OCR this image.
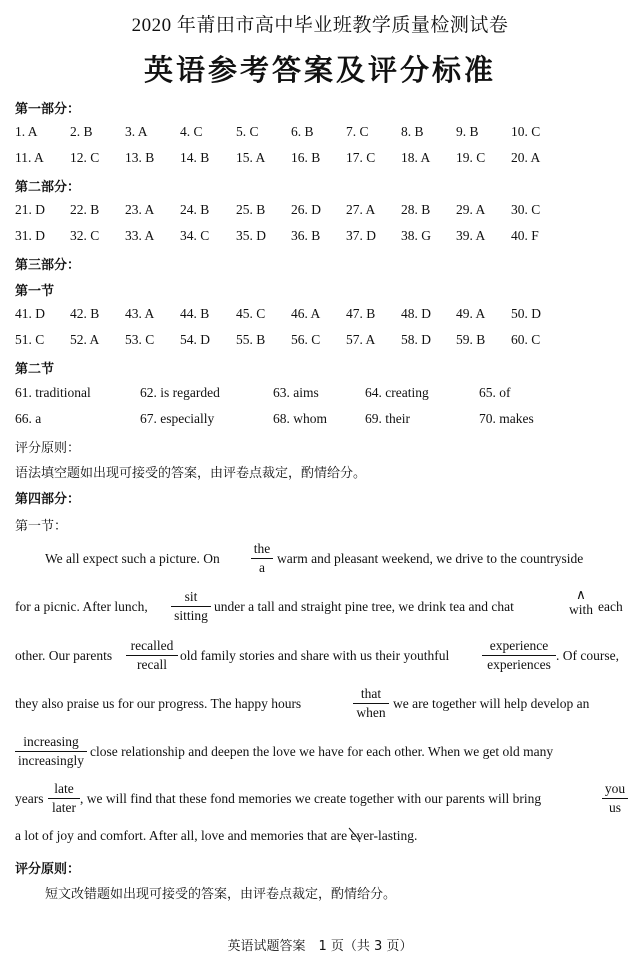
2020 年莆田市高中毕业班教学质量检测试卷
英语参考答案及评分标准
第一部分：
1. A 2. B 3. A 4. C 5. C 6. B 7. C 8. B 9. B 10. C
11. A 12. C 13. B 14. B 15. A 16. B 17. C 18. A 19. C 20. A
第二部分：
21. D 22. B 23. A 24. B 25. B 26. D 27. A 28. B 29. A 30. C
31. D 32. C 33. A 34. C 35. D 36. B 37. D 38. G 39. A 40. F
第三部分：
第一节
41. D 42. B 43. A 44. B 45. C 46. A 47. B 48. D 49. A 50. D
51. C 52. A 53. C 54. D 55. B 56. C 57. A 58. D 59. B 60. C
第二节
61. traditional	62. is regarded	63. aims	64. creating	65. of
66. a	67. especially	68. whom	69. their	70. makes
评分原则：
语法填空题如出现可接受的答案，由评卷点裁定，酌情给分。
第四部分：
第一节：
We all expect such a picture. On
the
a
warm and pleasant weekend, we drive to the countryside
for a picnic. After lunch,
sit
sitting
under a tall and straight pine tree, we drink tea and chat
∧
with each
other. Our parents
recalled
recall
old family stories and share with us their youthful
experience
experiences
. Of course,
they also praise us for our progress. The happy hours
that
when
we are together will help develop an
increasing
increasingly
close relationship and deepen the love we have for each other. When we get old many
years
late
later
, we will find that these fond memories we create together with our parents will bring
you
us
a lot of joy and comfort. After all, love and memories that are ever-lasting.
评分原则：
短文改错题如出现可接受的答案，由评卷点裁定，酌情给分。
英语试题答案　1 页（共 3 页）
